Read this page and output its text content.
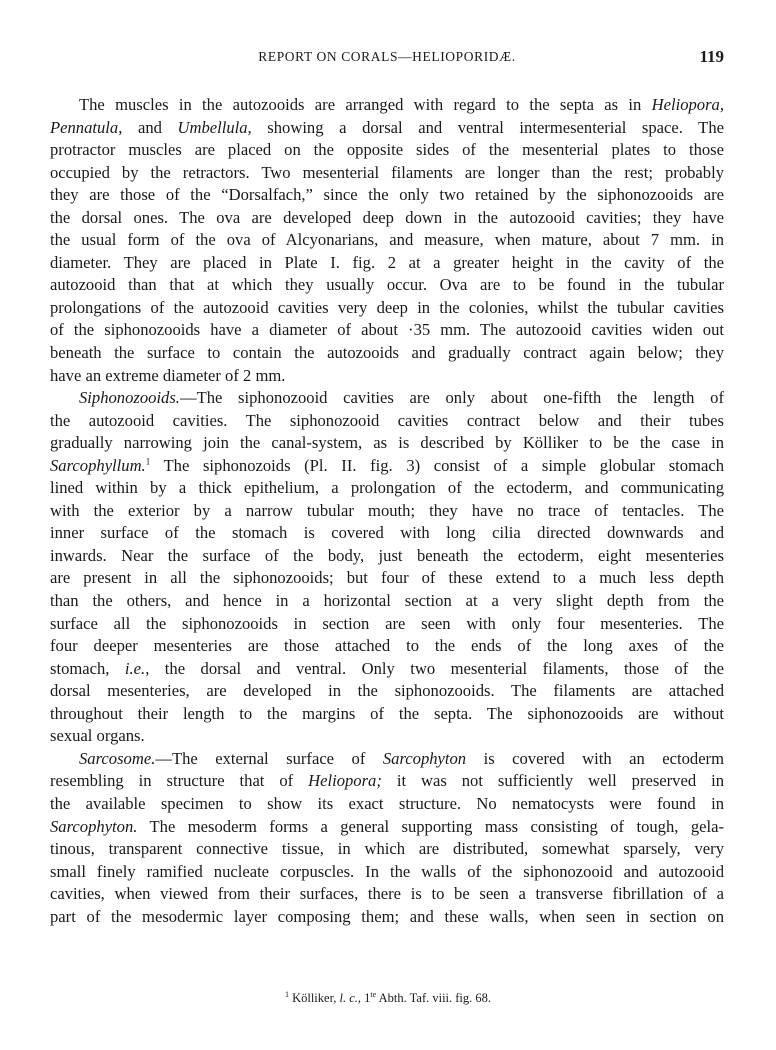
REPORT ON CORALS—HELIOPORIDÆ.	119
The muscles in the autozooids are arranged with regard to the septa as in Heliopora,
Pennatula, and Umbellula, showing a dorsal and ventral intermesenterial space. The
protractor muscles are placed on the opposite sides of the mesenterial plates to those
occupied by the retractors. Two mesenterial filaments are longer than the rest; probably
they are those of the “Dorsalfach,” since the only two retained by the siphonozooids are
the dorsal ones. The ova are developed deep down in the autozooid cavities; they have
the usual form of the ova of Alcyonarians, and measure, when mature, about 7 mm. in
diameter. They are placed in Plate I. fig. 2 at a greater height in the cavity of the
autozooid than that at which they usually occur. Ova are to be found in the tubular
prolongations of the autozooid cavities very deep in the colonies, whilst the tubular cavities
of the siphonozooids have a diameter of about ·35 mm. The autozooid cavities widen out
beneath the surface to contain the autozooids and gradually contract again below; they
have an extreme diameter of 2 mm.
Siphonozooids.—The siphonozooid cavities are only about one-fifth the length of
the autozooid cavities. The siphonozooid cavities contract below and their tubes
gradually narrowing join the canal-system, as is described by Kölliker to be the case in
Sarcophyllum.$^1$ The siphonozoids (Pl. II. fig. 3) consist of a simple globular stomach
lined within by a thick epithelium, a prolongation of the ectoderm, and communicating
with the exterior by a narrow tubular mouth; they have no trace of tentacles. The
inner surface of the stomach is covered with long cilia directed downwards and
inwards. Near the surface of the body, just beneath the ectoderm, eight mesenteries
are present in all the siphonozooids; but four of these extend to a much less depth
than the others, and hence in a horizontal section at a very slight depth from the
surface all the siphonozooids in section are seen with only four mesenteries. The
four deeper mesenteries are those attached to the ends of the long axes of the
stomach, i.e., the dorsal and ventral. Only two mesenterial filaments, those of the
dorsal mesenteries, are developed in the siphonozooids. The filaments are attached
throughout their length to the margins of the septa. The siphonozooids are without
sexual organs.
Sarcosome.—The external surface of Sarcophyton is covered with an ectoderm
resembling in structure that of Heliopora; it was not sufficiently well preserved in
the available specimen to show its exact structure. No nematocysts were found in
Sarcophyton. The mesoderm forms a general supporting mass consisting of tough, gela-
tinous, transparent connective tissue, in which are distributed, somewhat sparsely, very
small finely ramified nucleate corpuscles. In the walls of the siphonozooid and autozooid
cavities, when viewed from their surfaces, there is to be seen a transverse fibrillation of a
part of the mesodermic layer composing them; and these walls, when seen in section on
$^1$ Kölliker, l. c., $1^{te}$ Abth. Taf. viii. fig. 68.
